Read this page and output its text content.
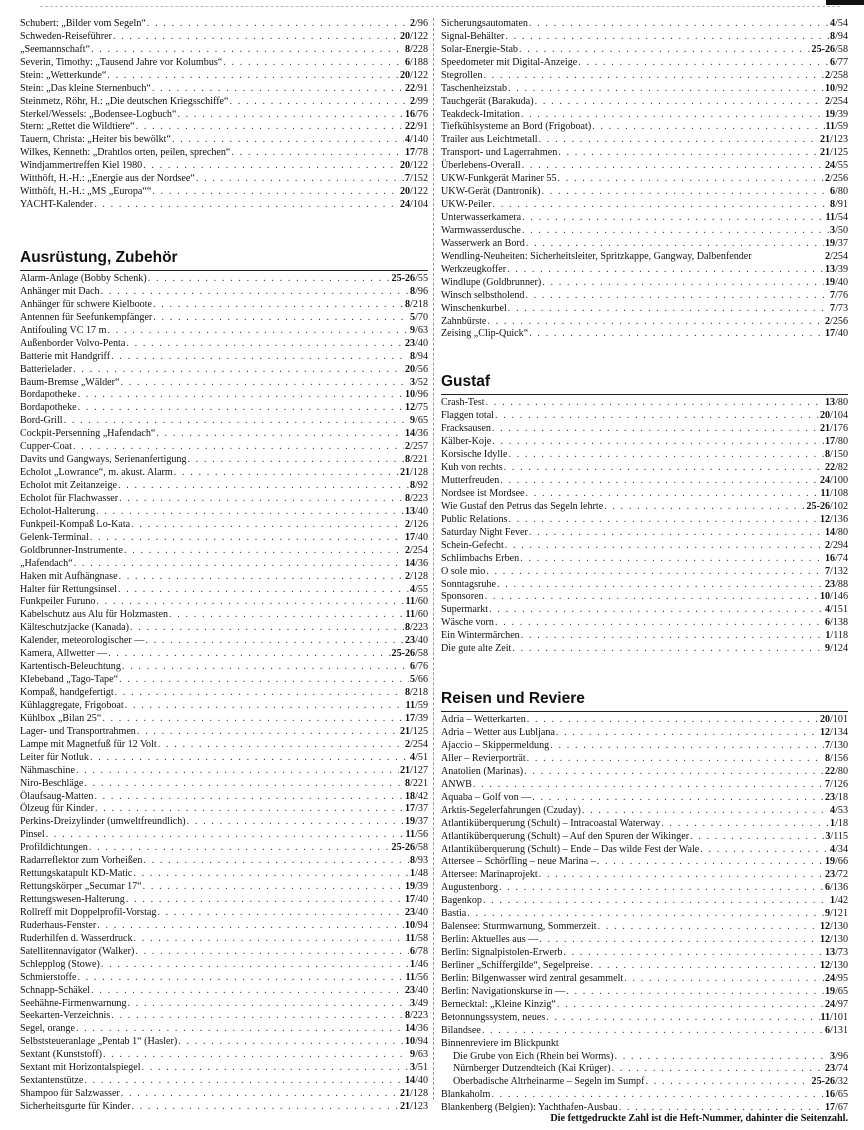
Schubert: „Bilder vom Segeln“ . . .	2/96
Schweden-Reiseführer . . .	20/122
„Seemannschaft“ . . .	8/228
Severin, Timothy: „Tausend Jahre vor Kolumbus“ . . .	6/188
Stein: „Wetterkunde“ . . .	20/122
Stein: „Das kleine Sternenbuch“ . . .	22/91
Steinmetz, Röhr, H.: „Die deutschen Kriegsschiffe“ . . .	2/99
Sterkel/Wessels: „Bodensee-Logbuch“ . . .	16/76
Stern: „Rettet die Wildtiere“ . . .	22/91
Tauern, Christa: „Heiter bis bewölkt“ . . .	4/140
Wilkes, Kenneth: „Drahtlos orten, peilen, sprechen“ . . .	17/78
Windjammertreffen Kiel 1980 . . .	20/122
Witthöft, H.-H.: „Energie aus der Nordsee“ . . .	7/152
Witthöft, H.-H.: „MS „Europa““ . . .	20/122
YACHT-Kalender . . .	24/104
Ausrüstung, Zubehör
Alarm-Anlage (Bobby Schenk) . . .	25-26/55
Anhänger mit Dach . . .	8/96
Anhänger für schwere Kielboote . . .	8/218
Antennen für Seefunkempfänger . . .	5/70
Antifouling VC 17 m . . .	9/63
Außenborder Volvo-Penta . . .	23/40
Batterie mit Handgriff . . .	8/94
Batterielader . . .	20/56
Baum-Bremse „Wälder“ . . .	3/52
Bordapotheke . . .	10/96
Bordapotheke . . .	12/75
Bord-Grill . . .	9/65
Cockpit-Persenning „Hafendach“ . . .	14/36
Cupper-Coat . . .	2/257
Davits und Gangways, Serienanfertigung . . .	8/221
Echolot „Lowrance“, m. akust. Alarm . . .	21/128
Echolot mit Zeitanzeige . . .	8/92
Echolot für Flachwasser . . .	8/223
Echolot-Halterung . . .	13/40
Funkpeil-Kompaß Lo-Kata . . .	2/126
Gelenk-Terminal . . .	17/40
Goldbrunner-Instrumente . . .	2/254
„Hafendach“ . . .	14/36
Haken mit Aufhängnase . . .	2/128
Halter für Rettungsinsel . . .	4/55
Funkpeiler Furuno . . .	11/60
Kabelschutz aus Alu für Holzmasten . . .	11/60
Kälteschutzjacke (Kanada) . . .	8/223
Kalender, meteorologischer ‒‒ . . .	23/40
Kamera, Allwetter ‒‒ . . .	25-26/58
Kartentisch-Beleuchtung . . .	6/76
Klebeband „Tago-Tape“ . . .	5/66
Kompaß, handgefertigt . . .	8/218
Kühlaggregate, Frigoboat . . .	11/59
Kühlbox „Bilan 25“ . . .	17/39
Lager- und Transportrahmen . . .	21/125
Lampe mit Magnetfuß für 12 Volt . . .	2/254
Leiter für Notluk . . .	4/51
Nähmaschine . . .	21/127
Niro-Beschläge . . .	8/221
Ölaufsaug-Matten . . .	18/42
Ölzeug für Kinder . . .	17/37
Perkins-Dreizylinder (umweltfreundlich) . . .	19/37
Pinsel . . .	11/56
Profildichtungen . . .	25-26/58
Radarreflektor zum Vorheißen . . .	8/93
Rettungskatapult KD-Matic . . .	1/48
Rettungskörper „Secumar 17“ . . .	19/39
Rettungswesen-Halterung . . .	17/40
Rollreff mit Doppelprofil-Vorstag . . .	23/40
Ruderhaus-Fenster . . .	10/94
Ruderhilfen d. Wasserdruck . . .	11/58
Satellitennavigator (Walker) . . .	6/78
Schlepplog (Stowe) . . .	1/46
Schmierstoffe . . .	11/56
Schnapp-Schäkel . . .	23/40
Seehähne-Firmenwarnung . . .	3/49
Seekarten-Verzeichnis . . .	8/223
Segel, orange . . .	14/36
Selbststeueranlage „Pentab 1“ (Hasler) . . .	10/94
Sextant (Kunststoff) . . .	9/63
Sextant mit Horizontalspiegel . . .	3/51
Sextantenstütze . . .	14/40
Shampoo für Salzwasser . . .	21/128
Sicherheitsgurte für Kinder . . .	21/123
Sicherungsautomaten . . .	4/54
Signal-Behälter . . .	8/94
Solar-Energie-Stab . . .	25-26/58
Speedometer mit Digital-Anzeige . . .	6/77
Stegrollen . . .	2/258
Taschenheizstab . . .	10/92
Tauchgerät (Barakuda) . . .	2/254
Teakdeck-Imitation . . .	19/39
Tiefkühlsysteme an Bord (Frigoboat) . . .	11/59
Trailer aus Leichtmetall . . .	21/123
Transport- und Lagerrahmen . . .	21/125
Überlebens-Overall . . .	24/55
UKW-Funkgerät Mariner 55 . . .	2/256
UKW-Gerät (Dantronik) . . .	6/80
UKW-Peiler . . .	8/91
Unterwasserkamera . . .	11/54
Warmwasserdusche . . .	3/50
Wasserwerk an Bord . . .	19/37
Wendling-Neuheiten: Sicherheitsleiter, Spritzkappe, Gangway, Dalbenfender	2/254
Werkzeugkoffer . . .	13/39
Windlupe (Goldbrunner) . . .	19/40
Winsch selbstholend . . .	7/76
Winschenkurbel . . .	7/73
Zahnbürste . . .	2/256
Zeising „Clip-Quick“ . . .	17/40
Gustaf
Crash-Test . . .	13/80
Flaggen total . . .	20/104
Fracksausen . . .	21/176
Kälber-Koje . . .	17/80
Korsische Idylle . . .	8/150
Kuh von rechts . . .	22/82
Mutterfreuden . . .	24/100
Nordsee ist Mordsee . . .	11/108
Wie Gustaf den Petrus das Segeln lehrte . . .	25-26/102
Public Relations . . .	12/136
Saturday Night Fever . . .	14/80
Schein-Gefecht . . .	2/294
Schlimbachs Erben . . .	16/74
O sole mio . . .	7/132
Sonntagsruhe . . .	23/88
Sponsoren . . .	10/146
Supermarkt . . .	4/151
Wäsche vorn . . .	6/138
Ein Wintermärchen . . .	1/118
Die gute alte Zeit . . .	9/124
Reisen und Reviere
Adria ‒ Wetterkarten . . .	20/101
Adria ‒ Wetter aus Lubljana . . .	12/134
Ajaccio ‒ Skippermeldung . . .	7/130
Aller ‒ Revierporträt . . .	8/156
Anatolien (Marinas) . . .	22/80
ANWB . . .	7/126
Aquaba ‒ Golf von ‒‒ . . .	23/18
Arktis-Segelerfahrungen (Czuday) . . .	4/53
Atlantiküberquerung (Schult) ‒ Intracoastal Waterway . . .	1/18
Atlantiküberquerung (Schult) ‒ Auf den Spuren der Wikinger . . .	3/115
Atlantiküberquerung (Schult) ‒ Ende ‒ Das wilde Fest der Wale . . .	4/34
Attersee ‒ Schörfling ‒ neue Marina ‒ . . .	19/66
Attersee: Marinaprojekt . . .	23/72
Augustenborg . . .	6/136
Bagenkop . . .	1/42
Bastia . . .	9/121
Balensee: Sturmwarnung, Sommerzeit . . .	12/130
Berlin: Aktuelles aus ‒‒ . . .	12/130
Berlin: Signalpistolen-Erwerb . . .	13/73
Berliner „Schiffergilde“, Segelpreise . . .	12/130
Berlin: Bilgenwasser wird zentral gesammelt . . .	24/95
Berlin: Navigationskurse in ‒‒ . . .	19/65
Bernecktal: „Kleine Kinzig“ . . .	24/97
Betonnungssystem, neues . . .	11/101
Bilandsee . . .	6/131
Binnenreviere im Blickpunkt
Die Grube von Eich (Rhein bei Worms) . . .	3/96
Nürnberger Dutzendteich (Kai Krüger) . . .	23/74
Oberbadische Altrheinarme ‒ Segeln im Sumpf . . .	25-26/32
Blankaholm . . .	16/65
Blankenberg (Belgien): Yachthafen-Ausbau . . .	17/67
Die fettgedruckte Zahl ist die Heft-Nummer, dahinter die Seitenzahl.
